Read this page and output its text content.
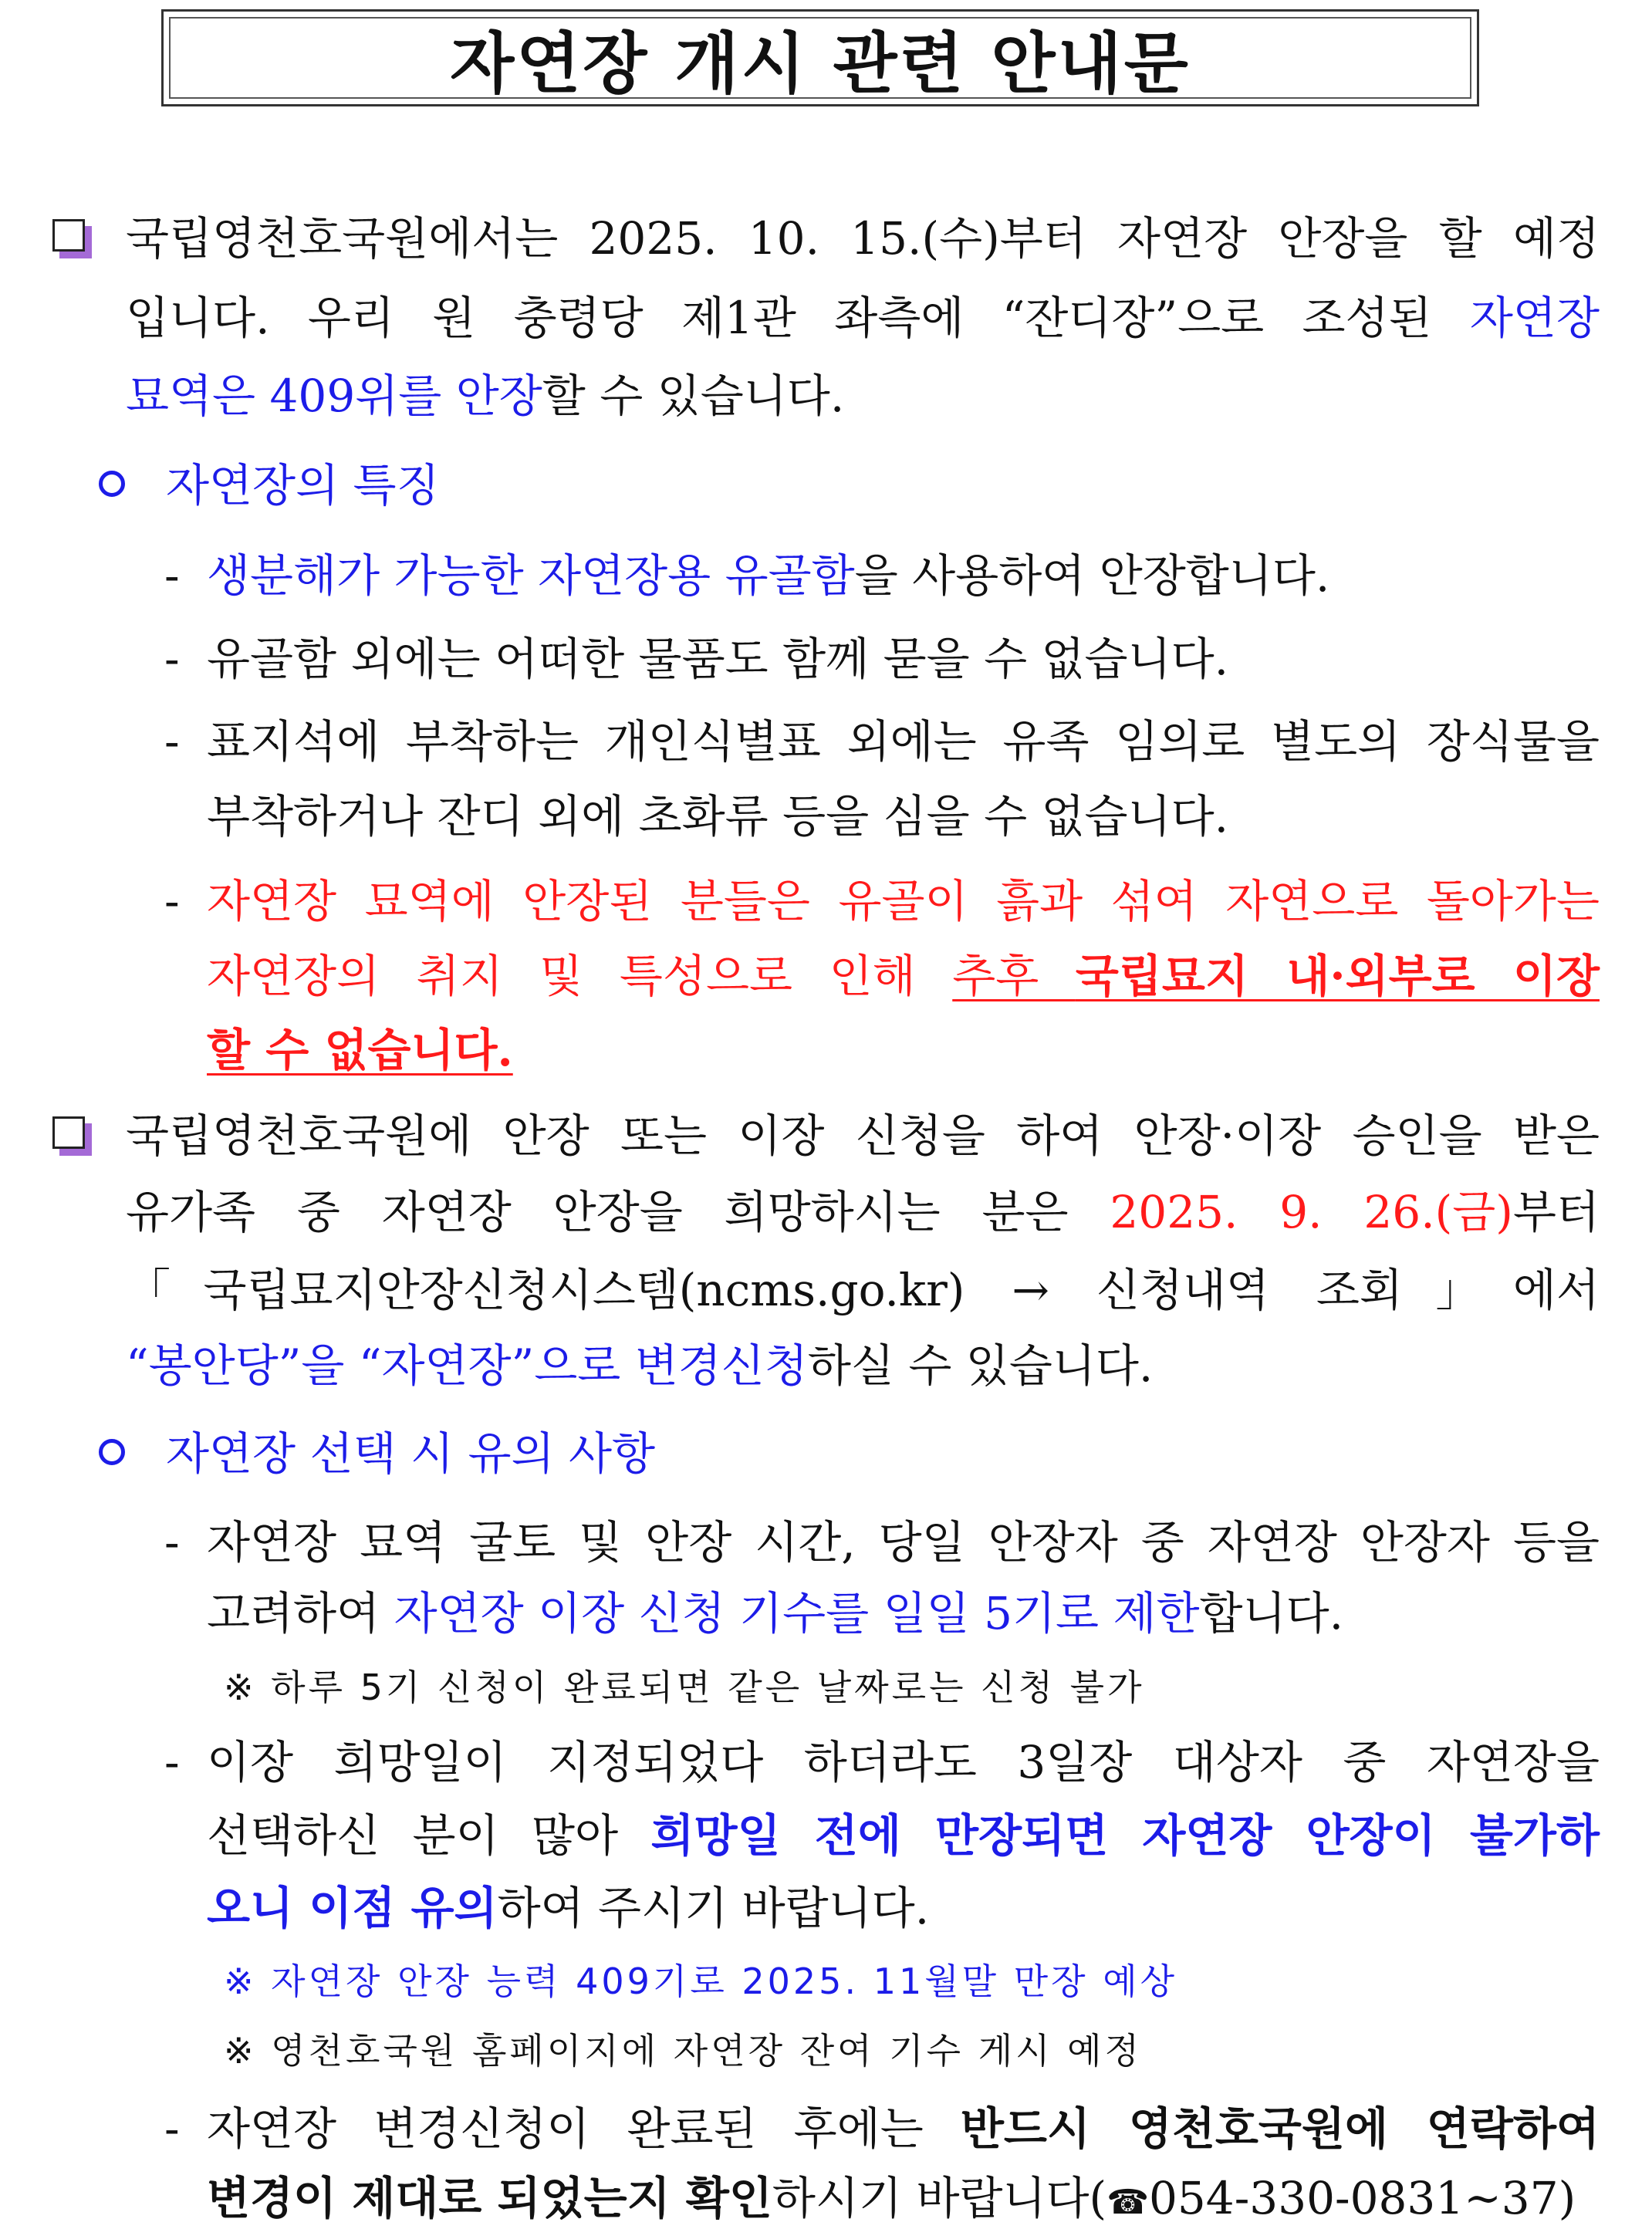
자연장 개시 관련 안내문
국립영천호국원에서는 2025. 10. 15.(수)부터 자연장 안장을 할 예정
입니다. 우리 원 충령당 제1관 좌측에 “잔디장”으로 조성된 자연장
묘역은 409위를 안장할 수 있습니다.
자연장의 특징
- 생분해가 가능한 자연장용 유골함을 사용하여 안장합니다.
- 유골함 외에는 어떠한 물품도 함께 묻을 수 없습니다.
- 표지석에 부착하는 개인식별표 외에는 유족 임의로 별도의 장식물을
부착하거나 잔디 외에 초화류 등을 심을 수 없습니다.
- 자연장 묘역에 안장된 분들은 유골이 흙과 섞여 자연으로 돌아가는
자연장의 취지 및 특성으로 인해 추후 국립묘지 내·외부로 이장
할 수 없습니다.
국립영천호국원에 안장 또는 이장 신청을 하여 안장·이장 승인을 받은
유가족 중 자연장 안장을 희망하시는 분은 2025. 9. 26.(금)부터
「국립묘지안장신청시스템(ncms.go.kr) → 신청내역 조회」에서
“봉안당”을 “자연장”으로 변경신청하실 수 있습니다.
자연장 선택 시 유의 사항
- 자연장 묘역 굴토 및 안장 시간, 당일 안장자 중 자연장 안장자 등을
고려하여 자연장 이장 신청 기수를 일일 5기로 제한합니다.
※ 하루 5기 신청이 완료되면 같은 날짜로는 신청 불가
- 이장 희망일이 지정되었다 하더라도 3일장 대상자 중 자연장을
선택하신 분이 많아 희망일 전에 만장되면 자연장 안장이 불가하
오니 이점 유의하여 주시기 바랍니다.
※ 자연장 안장 능력 409기로 2025. 11월말 만장 예상
※ 영천호국원 홈페이지에 자연장 잔여 기수 게시 예정
- 자연장 변경신청이 완료된 후에는 반드시 영천호국원에 연락하여
변경이 제대로 되었는지 확인하시기 바랍니다(☎054-330-0831~37)
